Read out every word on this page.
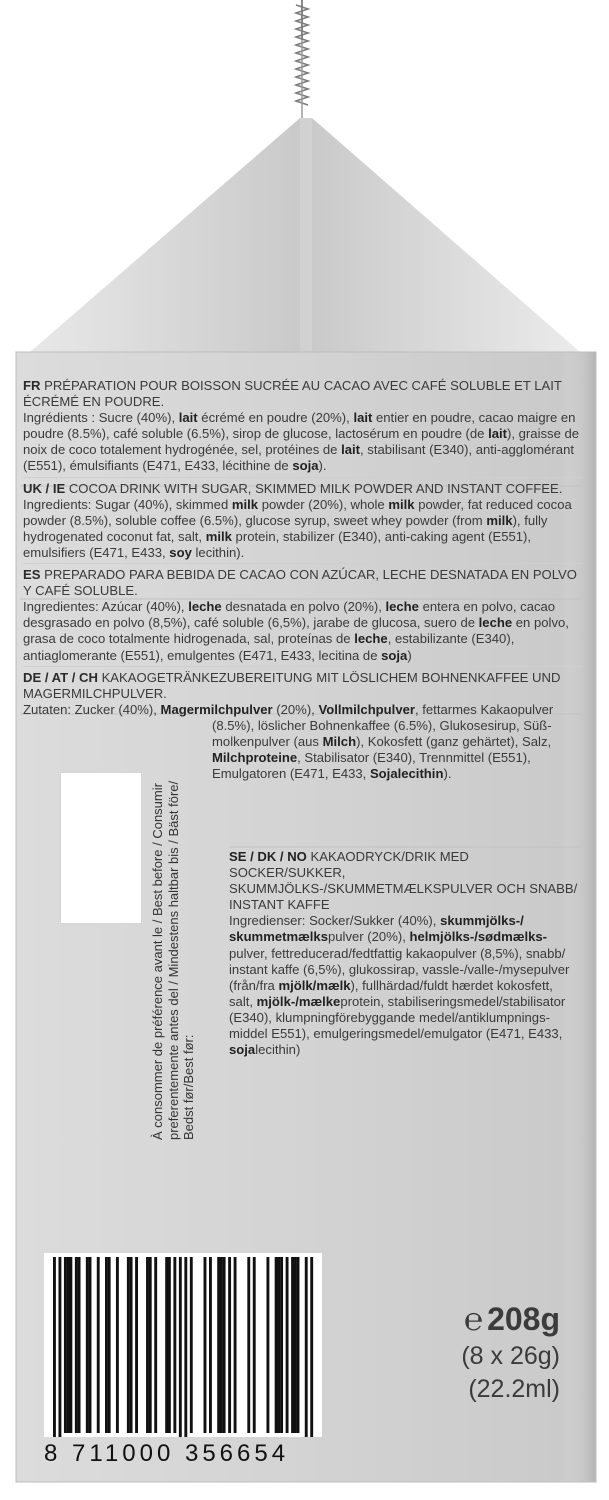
FR PRÉPARATION POUR BOISSON SUCRÉE AU CACAO AVEC CAFÉ SOLUBLE ET LAIT ÉCRÉMÉ EN POUDRE.

Ingrédients : Sucre (40%), lait écrémé en poudre (20%), lait entier en poudre, cacao maigre en poudre (8.5%), café soluble (6.5%), sirop de glucose, lactosérum en poudre (de lait), graisse de noix de coco totalement hydrogénée, sel, protéines de lait, stabilisant (E340), anti-agglomérant (E551), émulsifiants (E471, E433, lécithine de soja).

UK / IE COCOA DRINK WITH SUGAR, SKIMMED MILK POWDER AND INSTANT COFFEE.

Ingredients: Sugar (40%), skimmed milk powder (20%), whole milk powder, fat reduced cocoa powder (8.5%), soluble coffee (6.5%), glucose syrup, sweet whey powder (from milk), fully hydrogenated coconut fat, salt, milk protein, stabilizer (E340), anti-caking agent (E551), emulsifiers (E471, E433, soy lecithin).

ES PREPARADO PARA BEBIDA DE CACAO CON AZÚCAR, LECHE DESNATADA EN POLVO Y CAFÉ SOLUBLE.

Ingredientes: Azúcar (40%), leche desnatada en polvo (20%), leche entera en polvo, cacao desgrasado en polvo (8,5%), café soluble (6,5%), jarabe de glucosa, suero de leche en polvo, grasa de coco totalmente hidrogenada, sal, proteínas de leche, estabilizante (E340), antiaglomerante (E551), emulgentes (E471, E433, lecitina de soja)

DE / AT / CH KAKAOGETRÄNKEZUBEREITUNG MIT LÖSLICHEM BOHNENKAFFEE UND MAGERMILCHPULVER.

Zutaten: Zucker (40%), Magermilchpulver (20%), Vollmilchpulver, fettarmes Kakaopulver
(8.5%), löslicher Bohnenkaffee (6.5%), Glukosesirup, Süß-molkenpulver (aus Milch), Kokosfett (ganz gehärtet), Salz, Milchproteine, Stabilisator (E340), Trennmittel (E551), Emulgatoren (E471, E433, Sojalecithin).

SE / DK / NO KAKAODRYCK/DRIK MED SOCKER/SUKKER, SKUMMJÖLKS-/SKUMMETMÆLKSPULVER OCH SNABB/ INSTANT KAFFE

Ingredienser: Socker/Sukker (40%), skummjölks-/ skummetmælkspulver (20%), helmjölks-/sødmælks-pulver, fettreducerad/fedtfattig kakaopulver (8,5%), snabb/ instant kaffe (6,5%), glukossirap, vassle-/valle-/mysepulver (från/fra mjölk/mælk), fullhärdad/fuldt hærdet kokosfett, salt, mjölk-/mælkeprotein, stabiliseringsmedel/stabilisator (E340), klumpningförebyggande medel/antiklumpnings-middel E551), emulgeringsmedel/emulgator (E471, E433, sojalecithin)

À consommer de préférence avant le / Best before / Consumir preferentemente antes del / Mindestens haltbar bis / Bäst före/ Bedst før/Best før:

8 711000 356654
℮ 208g
(8 x 26g)
(22.2ml)
